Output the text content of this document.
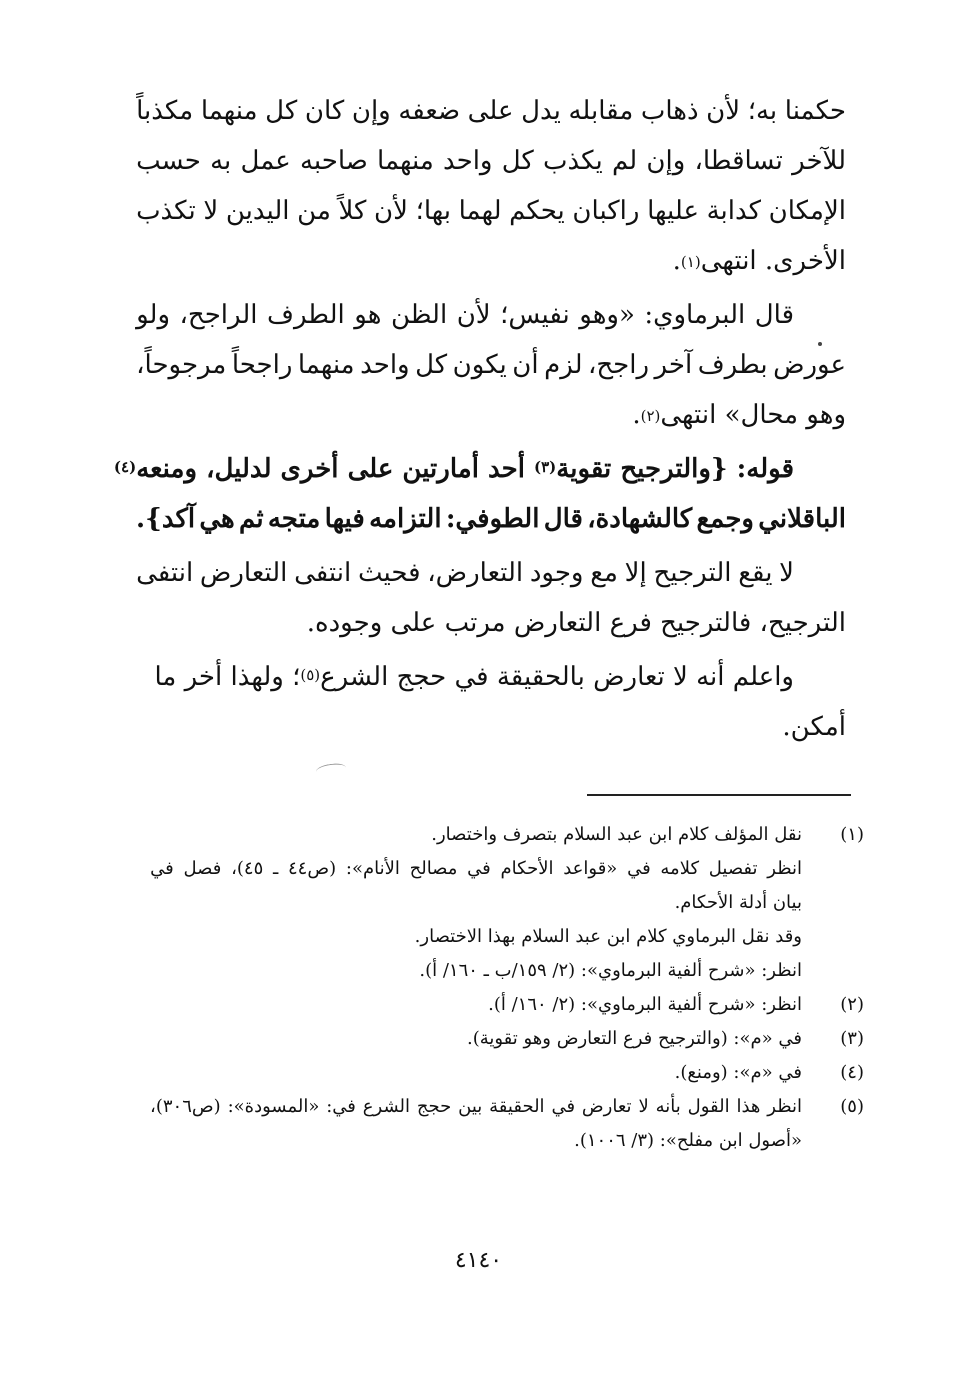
حكمنا
به؛
لأن
ذهاب
مقابله
يدل
على
ضعفه
وإن
كان
كل
منهما
مكذباً
للآخر
تساقطا،
وإن
لم
يكذب
كل
واحد
منهما
صاحبه
عمل
به
حسب
الإمكان
كدابة
عليها
راكبان
يحكم
لهما
بها؛
لأن
كلاً
من
اليدين
لا
تكذب
الأخرى. انتهى
$^{(١)}$
.
قال
البرماوي:
«وهو
نفيس؛
لأن
الظن
هو
الطرف
الراجح،
ولو
عورض
بطرف
آخر
راجح،
لزم
أن
يكون
كل
واحد
منهما
راجحاً
مرجوحاً،
وهو محال» انتهى
$^{(٢)}$
.
قوله: {والترجيح تقوية$^{(٣)}$ أحد أمارتين على أخرى لدليل، ومنعه$^{(٤)}$
الباقلاني
وجمع
كالشهادة،
قال
الطوفي:
التزامه
فيها
متجه
ثم
هي
آكد}.
لا
يقع
الترجيح
إلا
مع
وجود
التعارض،
فحيث
انتفى
التعارض
انتفى
الترجيح، فالترجيح فرع التعارض مرتب على وجوده.
واعلم أنه لا تعارض بالحقيقة في حجج الشرع$^{(٥)}$؛ ولهذا أخر ما
أمكن.
(١)
نقل المؤلف كلام ابن عبد السلام بتصرف واختصار.
انظر
تفصيل
كلامه
في
«قواعد
الأحكام
في
مصالح
الأنام»:
(ص٤٤
ـ
٤٥)،
فصل
في
بيان أدلة الأحكام.
وقد نقل البرماوي كلام ابن عبد السلام بهذا الاختصار.
انظر: «شرح ألفية البرماوي»: (٢/ ١٥٩/ب ـ ١٦٠/ أ).
(٢)
انظر: «شرح ألفية البرماوي»: (٢/ ١٦٠/ أ).
(٣)
في «م»: (والترجيح فرع التعارض وهو تقوية).
(٤)
في «م»: (ومنع).
(٥)
انظر
هذا
القول
بأنه
لا
تعارض
في
الحقيقة
بين
حجج
الشرع
في:
«المسودة»:
(ص٣٠٦)،
«أصول ابن مفلح»: (٣/ ١٠٠٦).
٤١٤٠
